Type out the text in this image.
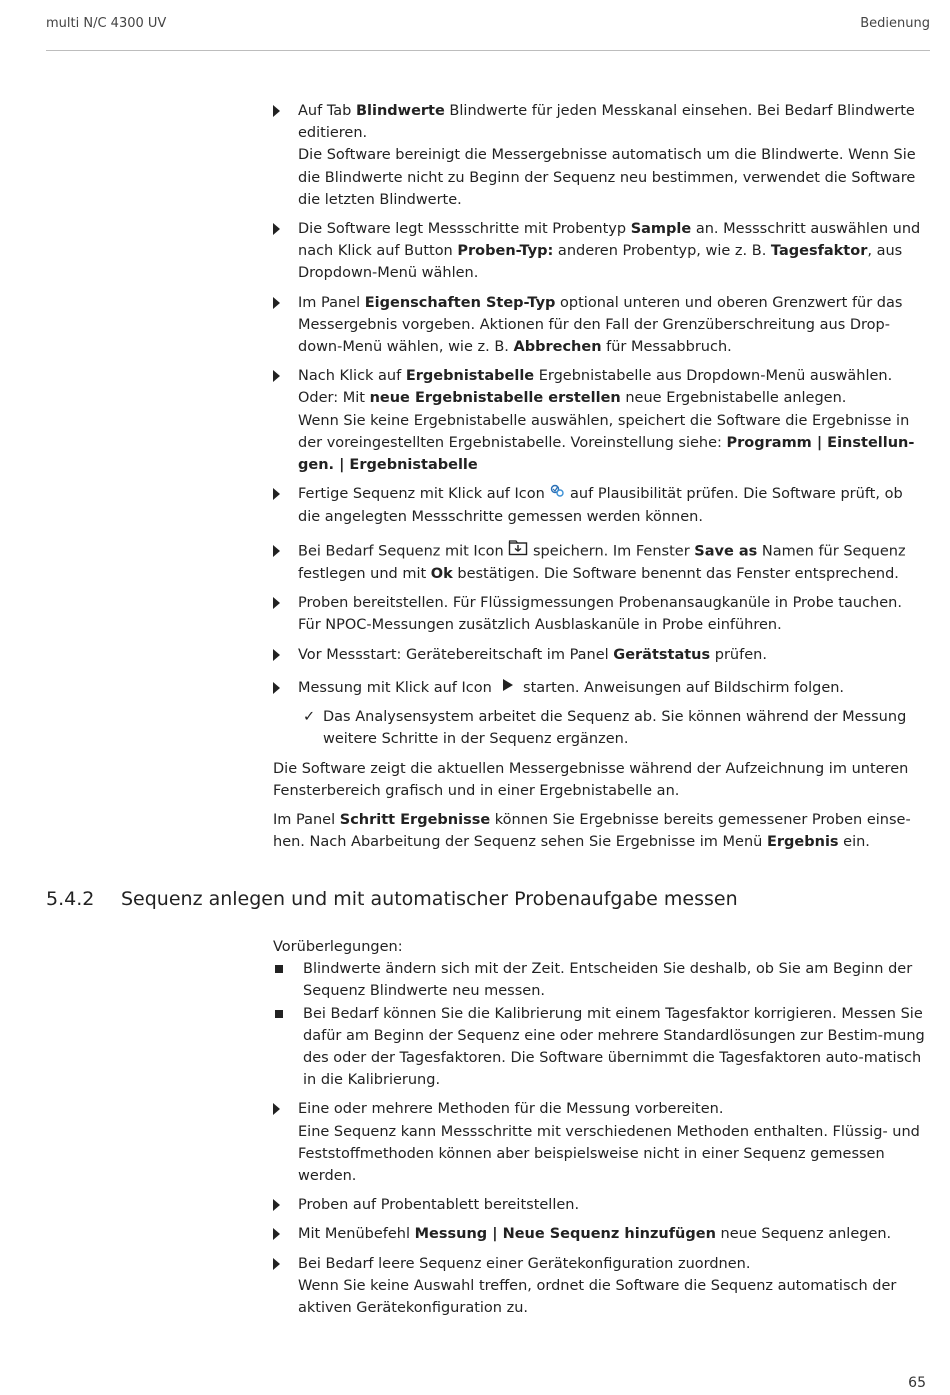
multi N/C 4300 UV	Bedienung
Auf Tab Blindwerte Blindwerte für jeden Messkanal einsehen. Bei Bedarf Blindwerte editieren.
Die Software bereinigt die Messergebnisse automatisch um die Blindwerte. Wenn Sie die Blindwerte nicht zu Beginn der Sequenz neu bestimmen, verwendet die Software die letzten Blindwerte.
Die Software legt Messschritte mit Probentyp Sample an. Messschritt auswählen und nach Klick auf Button Proben-Typ: anderen Probentyp, wie z. B. Tagesfaktor, aus Dropdown-Menü wählen.
Im Panel Eigenschaften Step-Typ optional unteren und oberen Grenzwert für das Messergebnis vorgeben. Aktionen für den Fall der Grenzüberschreitung aus Drop-down-Menü wählen, wie z. B. Abbrechen für Messabbruch.
Nach Klick auf Ergebnistabelle Ergebnistabelle aus Dropdown-Menü auswählen.
Oder: Mit neue Ergebnistabelle erstellen neue Ergebnistabelle anlegen.
Wenn Sie keine Ergebnistabelle auswählen, speichert die Software die Ergebnisse in der voreingestellten Ergebnistabelle. Voreinstellung siehe: Programm | Einstellun-gen. | Ergebnistabelle
Fertige Sequenz mit Klick auf Icon  auf Plausibilität prüfen. Die Software prüft, ob die angelegten Messschritte gemessen werden können.
Bei Bedarf Sequenz mit Icon  speichern. Im Fenster Save as Namen für Sequenz festlegen und mit Ok bestätigen. Die Software benennt das Fenster entsprechend.
Proben bereitstellen. Für Flüssigmessungen Probenansaugkanüle in Probe tauchen. Für NPOC-Messungen zusätzlich Ausblaskanüle in Probe einführen.
Vor Messstart: Gerätebereitschaft im Panel Gerätstatus prüfen.
Messung mit Klick auf Icon  starten. Anweisungen auf Bildschirm folgen.
✓ Das Analysensystem arbeitet die Sequenz ab. Sie können während der Messung weitere Schritte in der Sequenz ergänzen.

Die Software zeigt die aktuellen Messergebnisse während der Aufzeichnung im unteren Fensterbereich grafisch und in einer Ergebnistabelle an.

Im Panel Schritt Ergebnisse können Sie Ergebnisse bereits gemessener Proben einse-hen. Nach Abarbeitung der Sequenz sehen Sie Ergebnisse im Menü Ergebnis ein.

5.4.2 Sequenz anlegen und mit automatischer Probenaufgabe messen
Vorüberlegungen:
Blindwerte ändern sich mit der Zeit. Entscheiden Sie deshalb, ob Sie am Beginn der Sequenz Blindwerte neu messen.
Bei Bedarf können Sie die Kalibrierung mit einem Tagesfaktor korrigieren. Messen Sie dafür am Beginn der Sequenz eine oder mehrere Standardlösungen zur Bestim-mung des oder der Tagesfaktoren. Die Software übernimmt die Tagesfaktoren auto-matisch in die Kalibrierung.
Eine oder mehrere Methoden für die Messung vorbereiten.
Eine Sequenz kann Messschritte mit verschiedenen Methoden enthalten. Flüssig- und Feststoffmethoden können aber beispielsweise nicht in einer Sequenz gemessen werden.
Proben auf Probentablett bereitstellen.
Mit Menübefehl Messung | Neue Sequenz hinzufügen neue Sequenz anlegen.
Bei Bedarf leere Sequenz einer Gerätekonfiguration zuordnen.
Wenn Sie keine Auswahl treffen, ordnet die Software die Sequenz automatisch der aktiven Gerätekonfiguration zu.
65
